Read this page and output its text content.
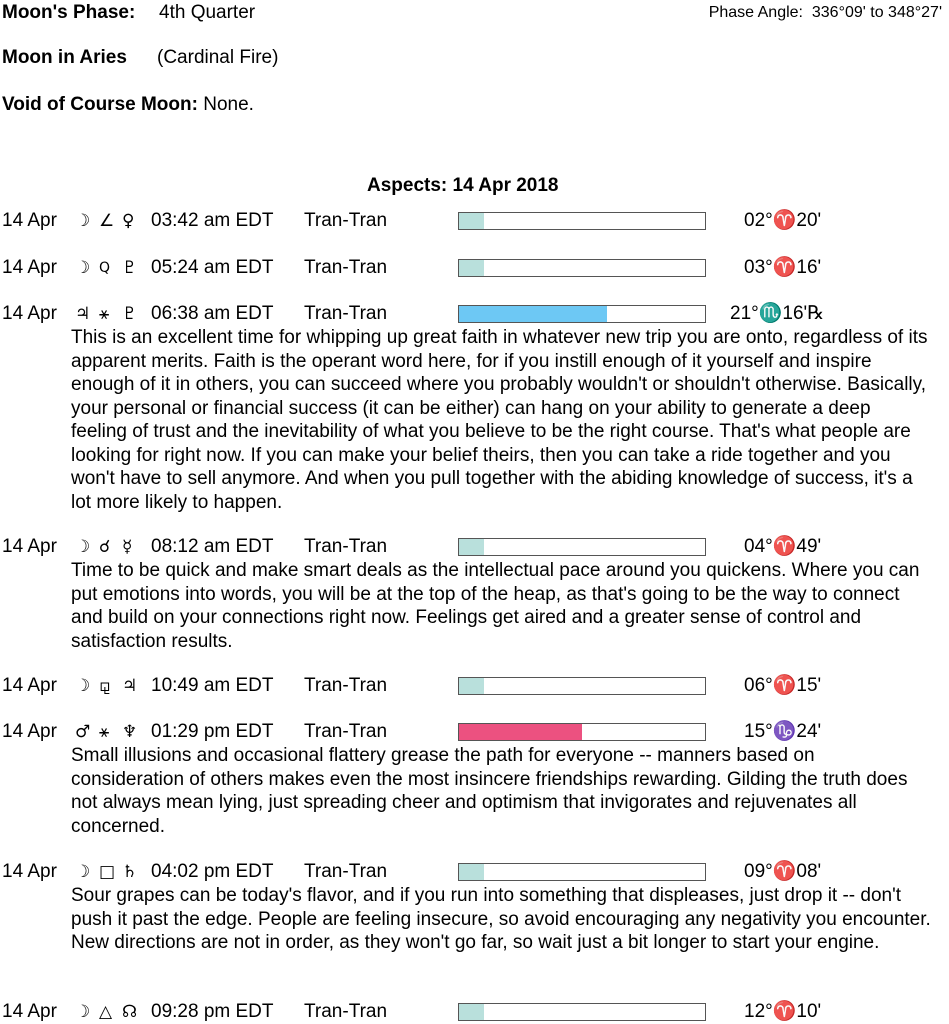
Moon's Phase: 4th Quarter	Phase Angle: 336°09' to 348°27'
Moon in Aries (Cardinal Fire)
Void of Course Moon: None.
Aspects: 14 Apr 2018
14 Apr ☽ ∠ ♀ 03:42 am EDT Tran-Tran	02°♈20'
14 Apr ☽ Q ♇ 05:24 am EDT Tran-Tran	03°♈16'
14 Apr ♃ ⚹ ♇ 06:38 am EDT Tran-Tran	21°♏16'℞
This is an excellent time for whipping up great faith in whatever new trip you are onto, regardless of its apparent merits. Faith is the operant word here, for if you instill enough of it yourself and inspire enough of it in others, you can succeed where you probably wouldn't or shouldn't otherwise. Basically, your personal or financial success (it can be either) can hang on your ability to generate a deep feeling of trust and the inevitability of what you believe to be the right course. That's what people are looking for right now. If you can make your belief theirs, then you can take a ride together and you won't have to sell anymore. And when you pull together with the abiding knowledge of success, it's a lot more likely to happen.
14 Apr ☽ ☌ ☿ 08:12 am EDT Tran-Tran	04°♈49'
Time to be quick and make smart deals as the intellectual pace around you quickens. Where you can put emotions into words, you will be at the top of the heap, as that's going to be the way to connect and build on your connections right now. Feelings get aired and a greater sense of control and satisfaction results.
14 Apr ☽ ⚼ ♃ 10:49 am EDT Tran-Tran	06°♈15'
14 Apr ♂ ⚹ ♆ 01:29 pm EDT Tran-Tran	15°♑24'
Small illusions and occasional flattery grease the path for everyone -- manners based on consideration of others makes even the most insincere friendships rewarding. Gilding the truth does not always mean lying, just spreading cheer and optimism that invigorates and rejuvenates all concerned.
14 Apr ☽ □ ♄ 04:02 pm EDT Tran-Tran	09°♈08'
Sour grapes can be today's flavor, and if you run into something that displeases, just drop it -- don't push it past the edge. People are feeling insecure, so avoid encouraging any negativity you encounter. New directions are not in order, as they won't go far, so wait just a bit longer to start your engine.
14 Apr ☽ △ ☊ 09:28 pm EDT Tran-Tran	12°♈10'
